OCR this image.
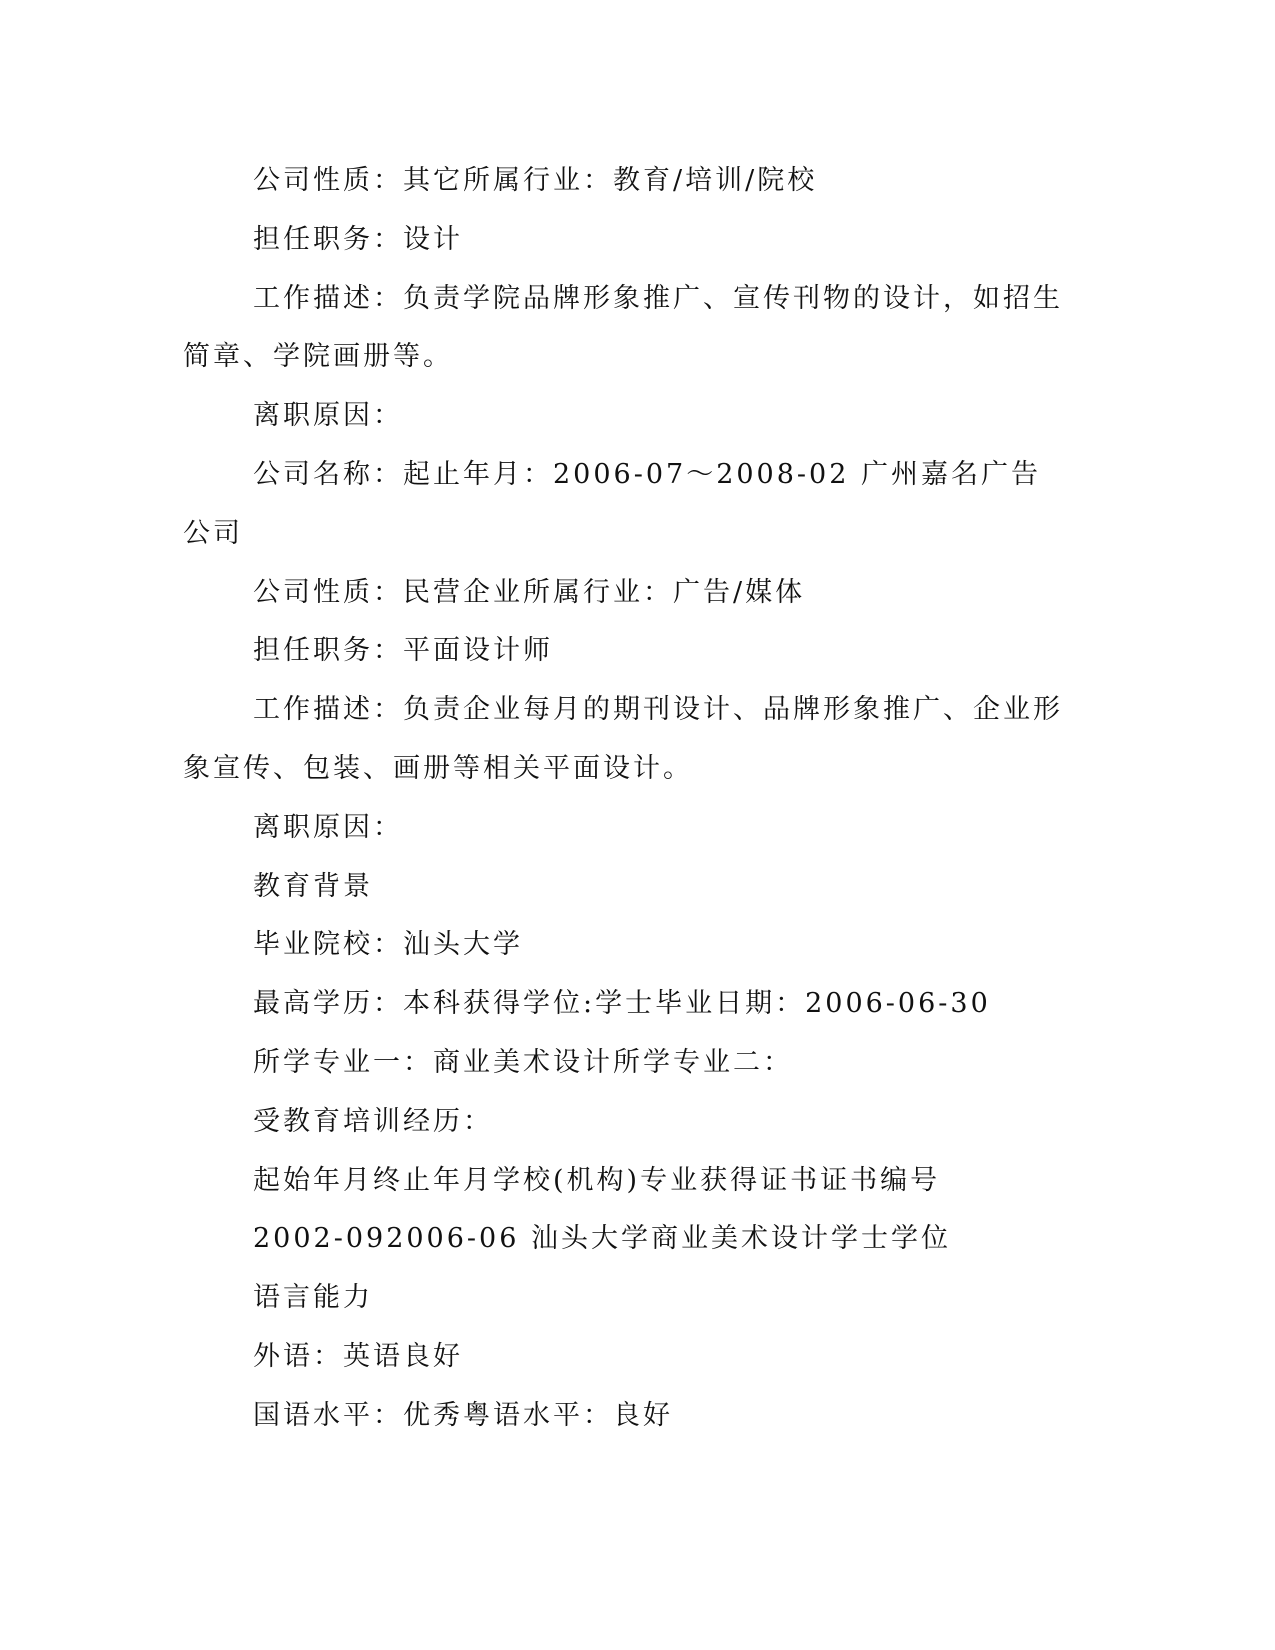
公司性质：其它所属行业：教育/培训/院校

担任职务：设计

工作描述：负责学院品牌形象推广、宣传刊物的设计，如招生简章、学院画册等。

离职原因：

公司名称：起止年月：2006-07～2008-02 广州嘉名广告公司

公司性质：民营企业所属行业：广告/媒体

担任职务：平面设计师

工作描述：负责企业每月的期刊设计、品牌形象推广、企业形象宣传、包装、画册等相关平面设计。

离职原因：

教育背景

毕业院校：汕头大学

最高学历：本科获得学位:学士毕业日期：2006-06-30

所学专业一：商业美术设计所学专业二：

受教育培训经历：

起始年月终止年月学校(机构)专业获得证书证书编号

2002-092006-06 汕头大学商业美术设计学士学位

语言能力

外语：英语良好

国语水平：优秀粤语水平：良好
